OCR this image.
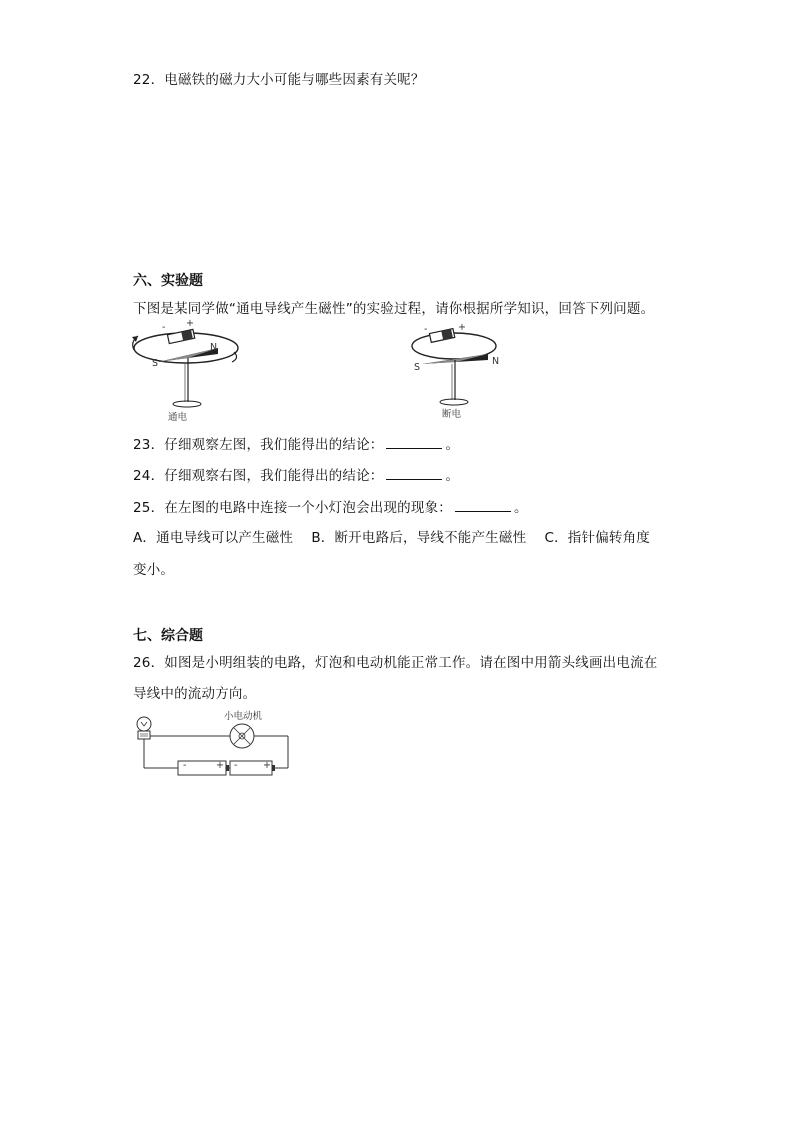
22．电磁铁的磁力大小可能与哪些因素有关呢？
六、实验题
下图是某同学做“通电导线产生磁性”的实验过程，请你根据所学知识，回答下列问题。
- +
S
N
通电
-	+
S
N
断电
23．仔细观察左图，我们能得出的结论：	。
24．仔细观察右图，我们能得出的结论：	。
25．在左图的电路中连接一个小灯泡会出现的现象：	。
A．通电导线可以产生磁性　 B．断开电路后，导线不能产生磁性　 C．指针偏转角度
变小。
七、综合题
26．如图是小明组装的电路，灯泡和电动机能正常工作。请在图中用箭头线画出电流在
导线中的流动方向。
小电动机
-	+ -	+
